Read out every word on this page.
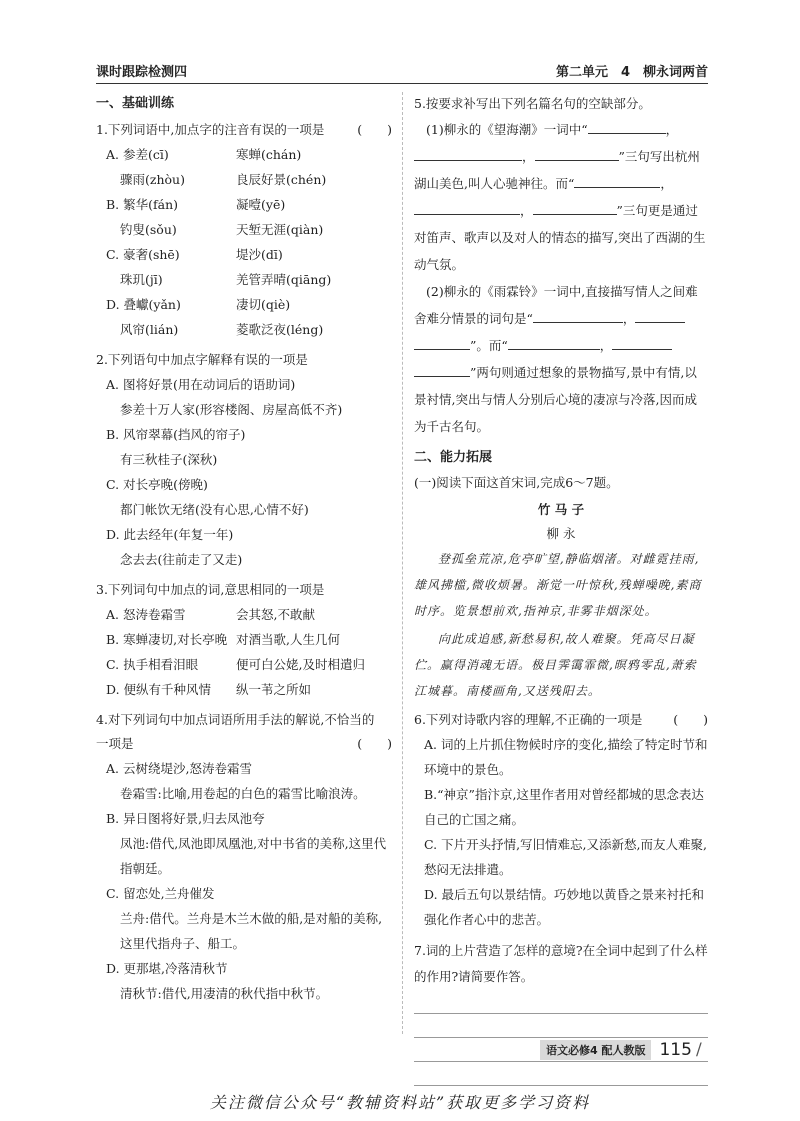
课时跟踪检测四	第二单元　4　柳永词两首
一、基础训练
1.下列词语中,加点字的注音有误的一项是	(　　)
A. 参差(cī)	寒蝉(chán)
骤雨(zhòu)	良辰好景(chén)
B. 繁华(fán)	凝噎(yē)
钓叟(sǒu)	天堑无涯(qiàn)
C. 豪奢(shē)	堤沙(dī)
珠玑(jī)	羌管弄晴(qiāng)
D. 叠巘(yǎn)	凄切(qiè)
风帘(lián)	菱歌泛夜(léng)
2.下列语句中加点字解释有误的一项是
A. 图将好景(用在动词后的语助词)
参差十万人家(形容楼阁、房屋高低不齐)
B. 风帘翠幕(挡风的帘子)
有三秋桂子(深秋)
C. 对长亭晚(傍晚)
都门帐饮无绪(没有心思,心情不好)
D. 此去经年(年复一年)
念去去(往前走了又走)
3.下列词句中加点的词,意思相同的一项是
A. 怒涛卷霜雪	会其怒,不敢献
B. 寒蝉凄切,对长亭晚 对酒当歌,人生几何
C. 执手相看泪眼	便可白公姥,及时相遣归
D. 便纵有千种风情	纵一苇之所如
4.对下列词句中加点词语所用手法的解说,不恰当的
一项是	(　　)
A. 云树绕堤沙,怒涛卷霜雪
卷霜雪:比喻,用卷起的白色的霜雪比喻浪涛。
B. 异日图将好景,归去凤池夸
凤池:借代,凤池即凤凰池,对中书省的美称,这里代指朝廷。
C. 留恋处,兰舟催发
兰舟:借代。兰舟是木兰木做的船,是对船的美称,这里代指舟子、船工。
D. 更那堪,冷落清秋节
清秋节:借代,用凄清的秋代指中秋节。
5.按要求补写出下列名篇名句的空缺部分。
(1)柳永的《望海潮》一词中“	，，	”三句写出杭州湖山美色,叫人心驰神往。而“	，，	”三句更是通过对笛声、歌声以及对人的情态的描写,突出了西湖的生动气氛。
(2)柳永的《雨霖铃》一词中,直接描写情人之间难舍难分情景的词句是“	，”。而“	，”两句则通过想象的景物描写,景中有情,以景衬情,突出与情人分别后心境的凄凉与冷落,因而成为千古名句。
二、能力拓展
(一)阅读下面这首宋词,完成6～7题。
竹 马 子
柳 永
登孤垒荒凉,危亭旷望,静临烟渚。对雌霓挂雨,雄风拂槛,微收烦暑。渐觉一叶惊秋,残蝉噪晚,素商时序。览景想前欢,指神京,非雾非烟深处。
向此成追感,新愁易积,故人难聚。凭高尽日凝伫。赢得消魂无语。极目霁霭霏微,暝鸦零乱,萧索江城暮。南楼画角,又送残阳去。
6.下列对诗歌内容的理解,不正确的一项是 (　　)
A. 词的上片抓住物候时序的变化,描绘了特定时节和环境中的景色。
B.“神京”指汴京,这里作者用对曾经都城的思念表达自己的亡国之痛。
C. 下片开头抒情,写旧情难忘,又添新愁,而友人难聚,愁闷无法排遣。
D. 最后五句以景结情。巧妙地以黄昏之景来衬托和强化作者心中的悲苦。
7.词的上片营造了怎样的意境?在全词中起到了什么样的作用?请简要作答。
语文必修4 配人教版 115 /
关注微信公众号“教辅资料站”获取更多学习资料
